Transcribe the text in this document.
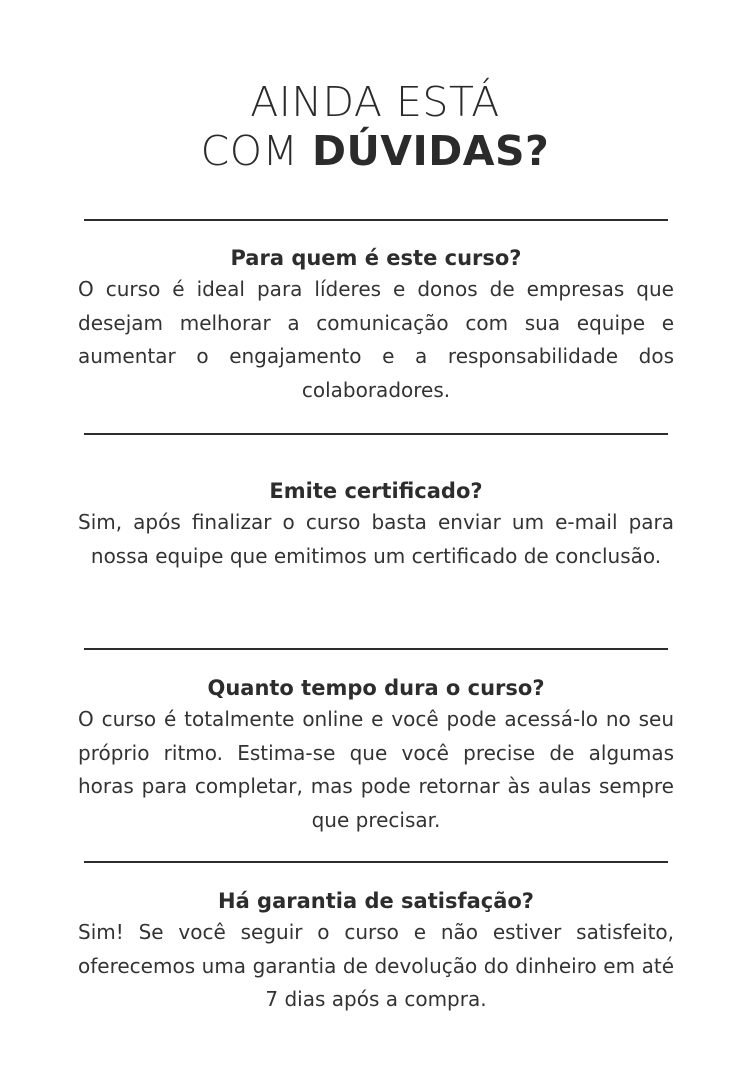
AINDA ESTÁ
COM DÚVIDAS?

Para quem é este curso?

O curso é ideal para líderes e donos de empresas que desejam melhorar a comunicação com sua equipe e aumentar o engajamento e a responsabilidade dos colaboradores.

Emite certificado?

Sim, após finalizar o curso basta enviar um e-mail para nossa equipe que emitimos um certificado de conclusão.

Quanto tempo dura o curso?

O curso é totalmente online e você pode acessá-lo no seu próprio ritmo. Estima-se que você precise de algumas horas para completar, mas pode retornar às aulas sempre que precisar.

Há garantia de satisfação?

Sim! Se você seguir o curso e não estiver satisfeito, oferecemos uma garantia de devolução do dinheiro em até 7 dias após a compra.
